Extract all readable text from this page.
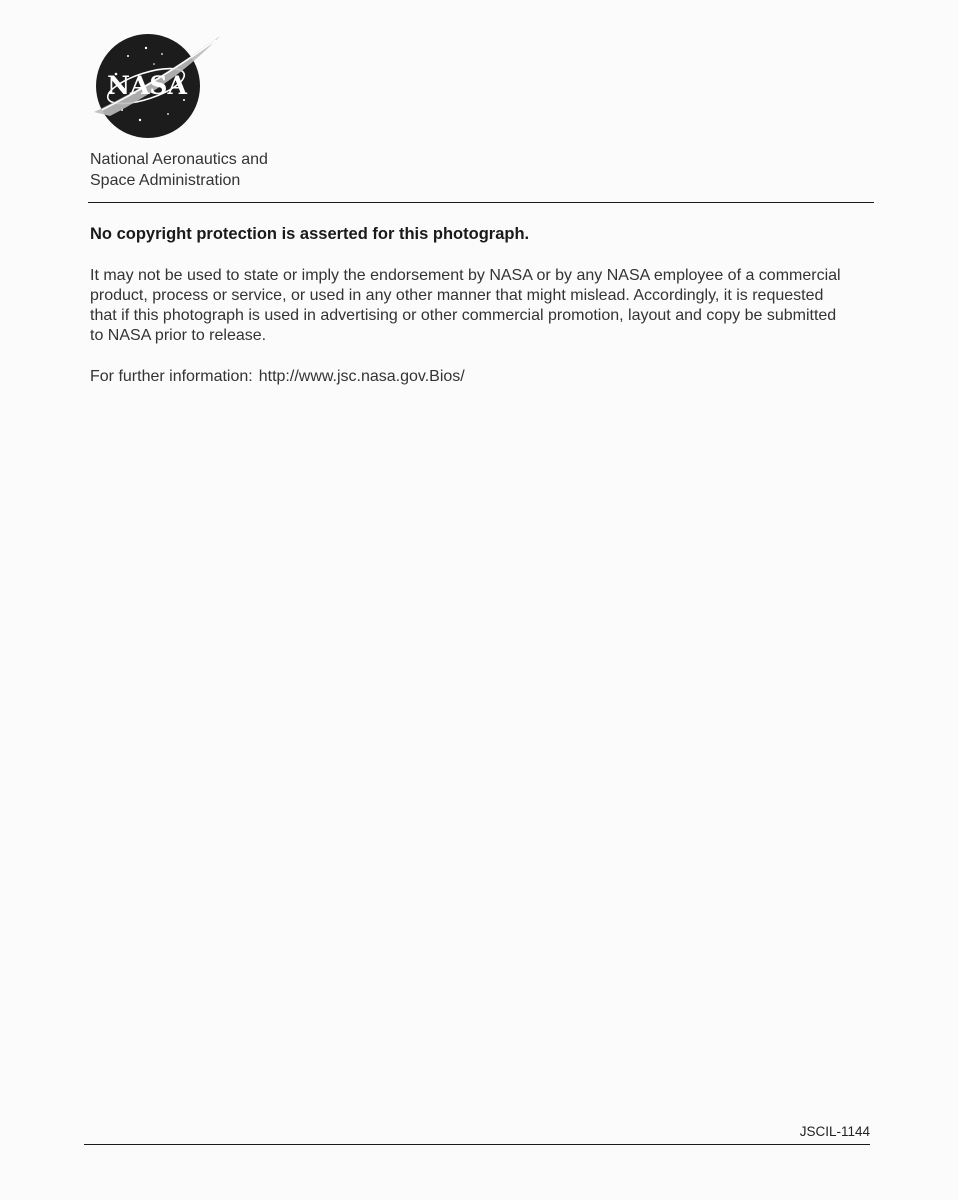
NASA
National Aeronautics and
Space Administration
No copyright protection is asserted for this photograph.
It may not be used to state or imply the endorsement by NASA or by any NASA employee of a commercial
product, process or service, or used in any other manner that might mislead. Accordingly, it is requested
that if this photograph is used in advertising or other commercial promotion, layout and copy be submitted
to NASA prior to release.
For further information: http://www.jsc.nasa.gov.Bios/
JSCIL-1144
